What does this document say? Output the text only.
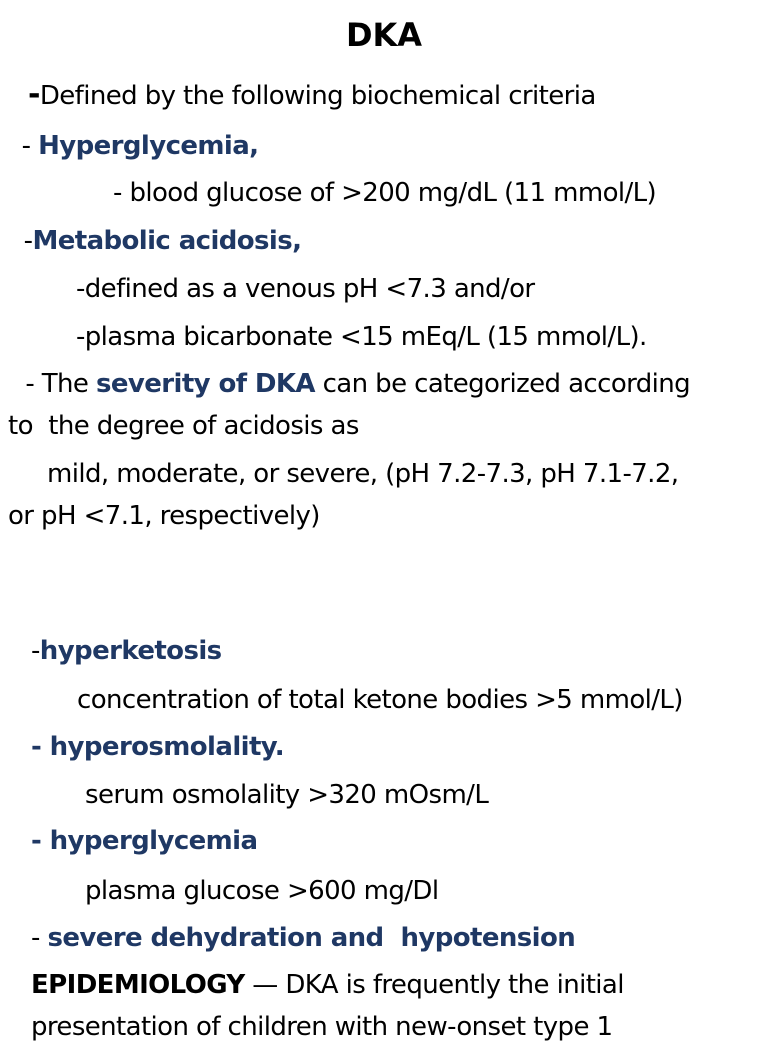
DKA
-Defined by the following biochemical criteria
- Hyperglycemia,
- blood glucose of >200 mg/dL (11 mmol/L)
-Metabolic acidosis,
-defined as a venous pH <7.3 and/or
-plasma bicarbonate <15 mEq/L (15 mmol/L).
- The severity of DKA can be categorized according
to  the degree of acidosis as
mild, moderate, or severe, (pH 7.2-7.3, pH 7.1-7.2,
or pH <7.1, respectively)
-hyperketosis
concentration of total ketone bodies >5 mmol/L)
- hyperosmolality.
serum osmolality >320 mOsm/L
- hyperglycemia
plasma glucose >600 mg/Dl
- severe dehydration and  hypotension
EPIDEMIOLOGY — DKA is frequently the initial
presentation of children with new-onset type 1
